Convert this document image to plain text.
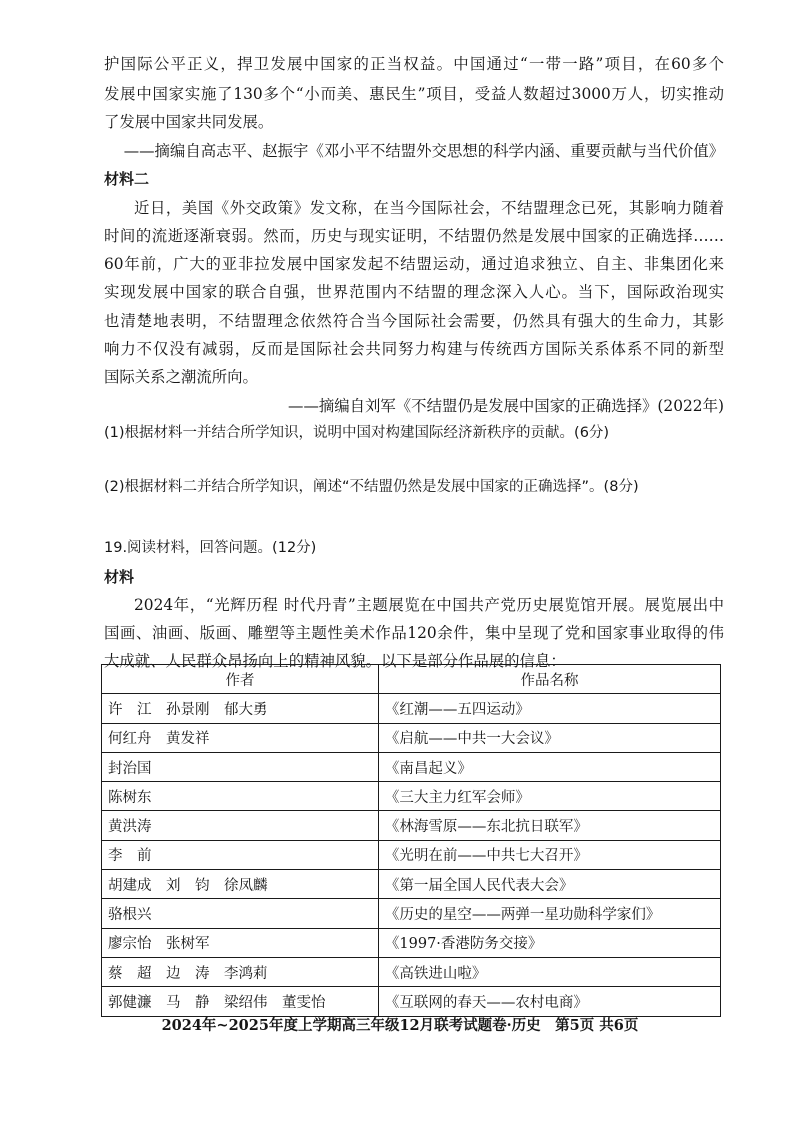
护国际公平正义，捍卫发展中国家的正当权益。中国通过“一带一路”项目，在60多个
发展中国家实施了130多个“小而美、惠民生”项目，受益人数超过3000万人，切实推动
了发展中国家共同发展。
——摘编自高志平、赵振宇《邓小平不结盟外交思想的科学内涵、重要贡献与当代价值》
材料二
近日，美国《外交政策》发文称，在当今国际社会，不结盟理念已死，其影响力随着
时间的流逝逐渐衰弱。然而，历史与现实证明，不结盟仍然是发展中国家的正确选择……
60年前，广大的亚非拉发展中国家发起不结盟运动，通过追求独立、自主、非集团化来
实现发展中国家的联合自强，世界范围内不结盟的理念深入人心。当下，国际政治现实
也清楚地表明，不结盟理念依然符合当今国际社会需要，仍然具有强大的生命力，其影
响力不仅没有减弱，反而是国际社会共同努力构建与传统西方国际关系体系不同的新型
国际关系之潮流所向。
——摘编自刘军《不结盟仍是发展中国家的正确选择》(2022年)
(1)根据材料一并结合所学知识，说明中国对构建国际经济新秩序的贡献。(6分)
(2)根据材料二并结合所学知识，阐述“不结盟仍然是发展中国家的正确选择”。(8分)
19.阅读材料，回答问题。(12分)
材料
2024年，“光辉历程 时代丹青”主题展览在中国共产党历史展览馆开展。展览展出中
国画、油画、版画、雕塑等主题性美术作品120余件，集中呈现了党和国家事业取得的伟
大成就、人民群众昂扬向上的精神风貌。以下是部分作品展的信息：
作者	作品名称
许　江　孙景刚　郁大勇	《红潮——五四运动》
何红舟　黄发祥	《启航——中共一大会议》
封治国	《南昌起义》
陈树东	《三大主力红军会师》
黄洪涛	《林海雪原——东北抗日联军》
李　前	《光明在前——中共七大召开》
胡建成　刘　钧　徐凤麟	《第一届全国人民代表大会》
骆根兴	《历史的星空——两弹一星功勋科学家们》
廖宗怡　张树军	《1997·香港防务交接》
蔡　超　边　涛　李鸿莉	《高铁进山啦》
郭健濂　马　静　梁绍伟　董雯怡	《互联网的春天——农村电商》
2024年~2025年度上学期高三年级12月联考试题卷·历史　第5页 共6页
